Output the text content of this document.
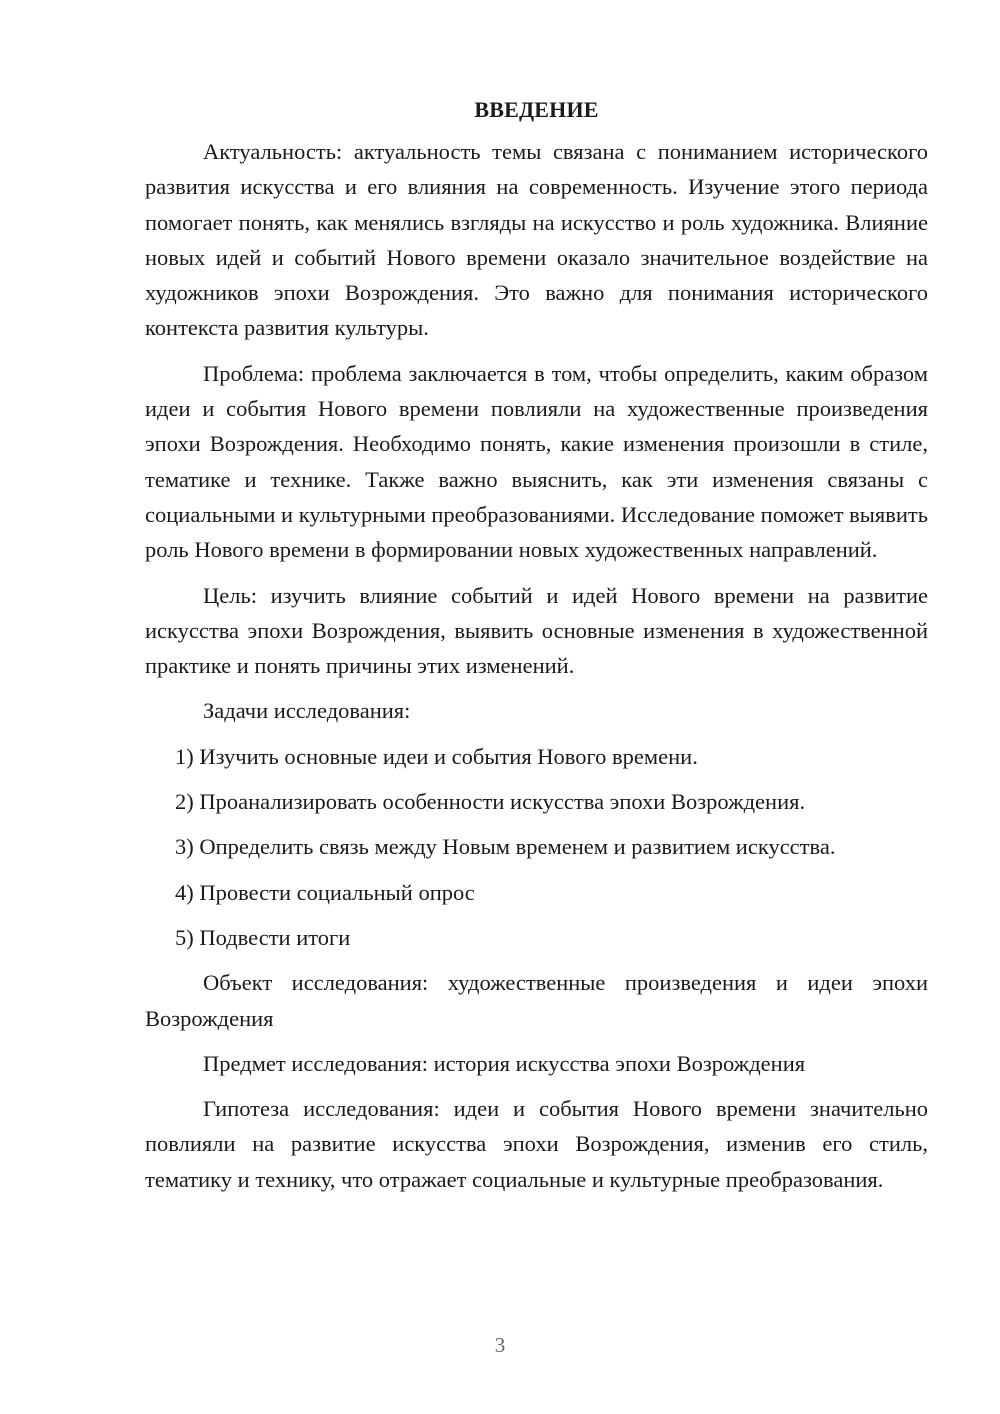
ВВЕДЕНИЕ

Актуальность: актуальность темы связана с пониманием исторического развития искусства и его влияния на современность. Изучение этого периода помогает понять, как менялись взгляды на искусство и роль художника. Влияние новых идей и событий Нового времени оказало значительное воздействие на художников эпохи Возрождения. Это важно для понимания исторического контекста развития культуры.

Проблема: проблема заключается в том, чтобы определить, каким образом идеи и события Нового времени повлияли на художественные произведения эпохи Возрождения. Необходимо понять, какие изменения произошли в стиле, тематике и технике. Также важно выяснить, как эти изменения связаны с социальными и культурными преобразованиями. Исследование поможет выявить роль Нового времени в формировании новых художественных направлений.

Цель: изучить влияние событий и идей Нового времени на развитие искусства эпохи Возрождения, выявить основные изменения в художественной практике и понять причины этих изменений.

Задачи исследования:

1) Изучить основные идеи и события Нового времени.
2) Проанализировать особенности искусства эпохи Возрождения.
3) Определить связь между Новым временем и развитием искусства.
4) Провести социальный опрос
5) Подвести итоги

Объект исследования: художественные произведения и идеи эпохи Возрождения

Предмет исследования: история искусства эпохи Возрождения

Гипотеза исследования: идеи и события Нового времени значительно повлияли на развитие искусства эпохи Возрождения, изменив его стиль, тематику и технику, что отражает социальные и культурные преобразования.

3
